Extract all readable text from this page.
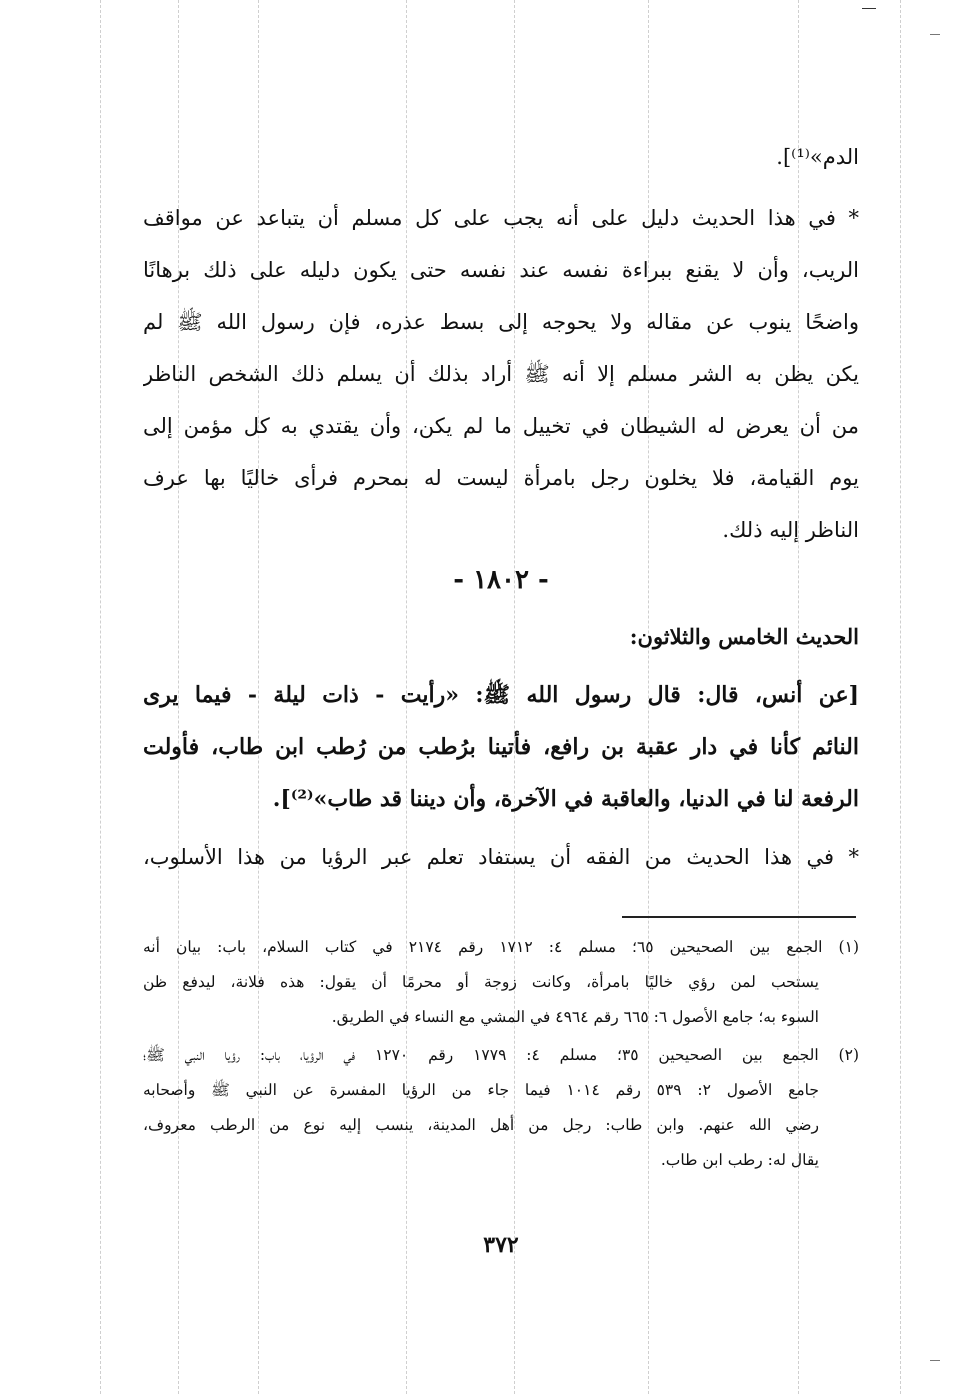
الدم»⁽¹⁾].
* في هذا الحديث دليل على أنه يجب على كل مسلم أن يتباعد عن مواقف
الريب، وأن لا يقنع ببراءة نفسه عند نفسه حتى يكون دليله على ذلك برهانًا
واضحًا ينوب عن مقاله ولا يحوجه إلى بسط عذره، فإن رسول الله ﷺ لم
يكن يظن به الشر مسلم إلا أنه ﷺ أراد بذلك أن يسلم ذلك الشخص الناظر
من أن يعرض له الشيطان في تخييل ما لم يكن، وأن يقتدي به كل مؤمن إلى
يوم القيامة، فلا يخلون رجل بامرأة ليست له بمحرم فرأى خاليًا بها عرف
الناظر إليه ذلك.
- ١٨٠٢ -
الحديث الخامس والثلاثون:
[عن أنس، قال: قال رسول الله ﷺ: «رأيت - ذات ليلة - فيما يرى
النائم كأنا في دار عقبة بن رافع، فأتينا برُطب من رُطب ابن طاب، فأولت
الرفعة لنا في الدنيا، والعاقبة في الآخرة، وأن ديننا قد طاب»⁽²⁾].
* في هذا الحديث من الفقه أن يستفاد تعلم عبر الرؤيا من هذا الأسلوب،
(١) الجمع بين الصحيحين ٦٥؛ مسلم ٤: ١٧١٢ رقم ٢١٧٤ في كتاب السلام، باب: بيان أنه
يستحب لمن رؤي خاليًا بامرأة، وكانت زوجة أو محرمًا أن يقول: هذه فلانة، ليدفع ظن
السوء به؛ جامع الأصول ٦: ٦٦٥ رقم ٤٩٦٤ في المشي مع النساء في الطريق.
(٢) الجمع بين الصحيحين ٣٥؛ مسلم ٤: ١٧٧٩ رقم ١٢٧٠ في الرؤيا، باب: رؤيا النبي ﷺ؛
جامع الأصول ٢: ٥٣٩ رقم ١٠١٤ فيما جاء من الرؤيا المفسرة عن النبي ﷺ وأصحابه
رضي الله عنهم. وابن طاب: رجل من أهل المدينة، ينسب إليه نوع من الرطب معروف،
يقال له: رطب ابن طاب.
٣٧٢
